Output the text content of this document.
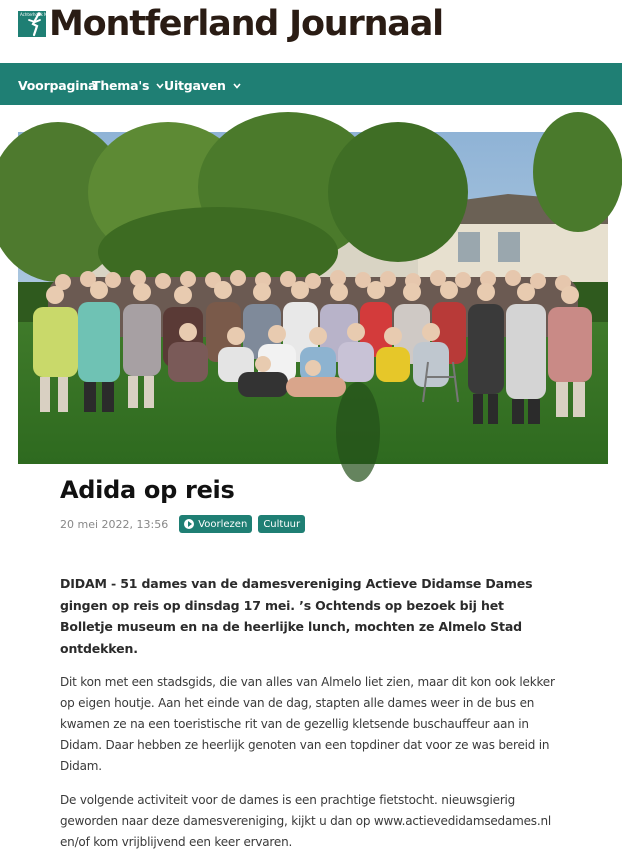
Achterhoek NIEUWS
Montferland Journaal
Voorpagina
Thema's	Uitgaven
Adida op reis
20 mei 2022, 13:56	Voorlezen	Cultuur

DIDAM - 51 dames van de damesvereniging Actieve Didamse Dames gingen op reis op dinsdag 17 mei. ’s Ochtends op bezoek bij het Bolletje museum en na de heerlijke lunch, mochten ze Almelo Stad ontdekken.

Dit kon met een stadsgids, die van alles van Almelo liet zien, maar dit kon ook lekker op eigen houtje. Aan het einde van de dag, stapten alle dames weer in de bus en kwamen ze na een toeristische rit van de gezellig kletsende buschauffeur aan in Didam. Daar hebben ze heerlijk genoten van een topdiner dat voor ze was bereid in Didam.

De volgende activiteit voor de dames is een prachtige fietstocht. nieuwsgierig geworden naar deze damesvereniging, kijkt u dan op www.actievedidamsedames.nl en/of kom vrijblijvend een keer ervaren.
